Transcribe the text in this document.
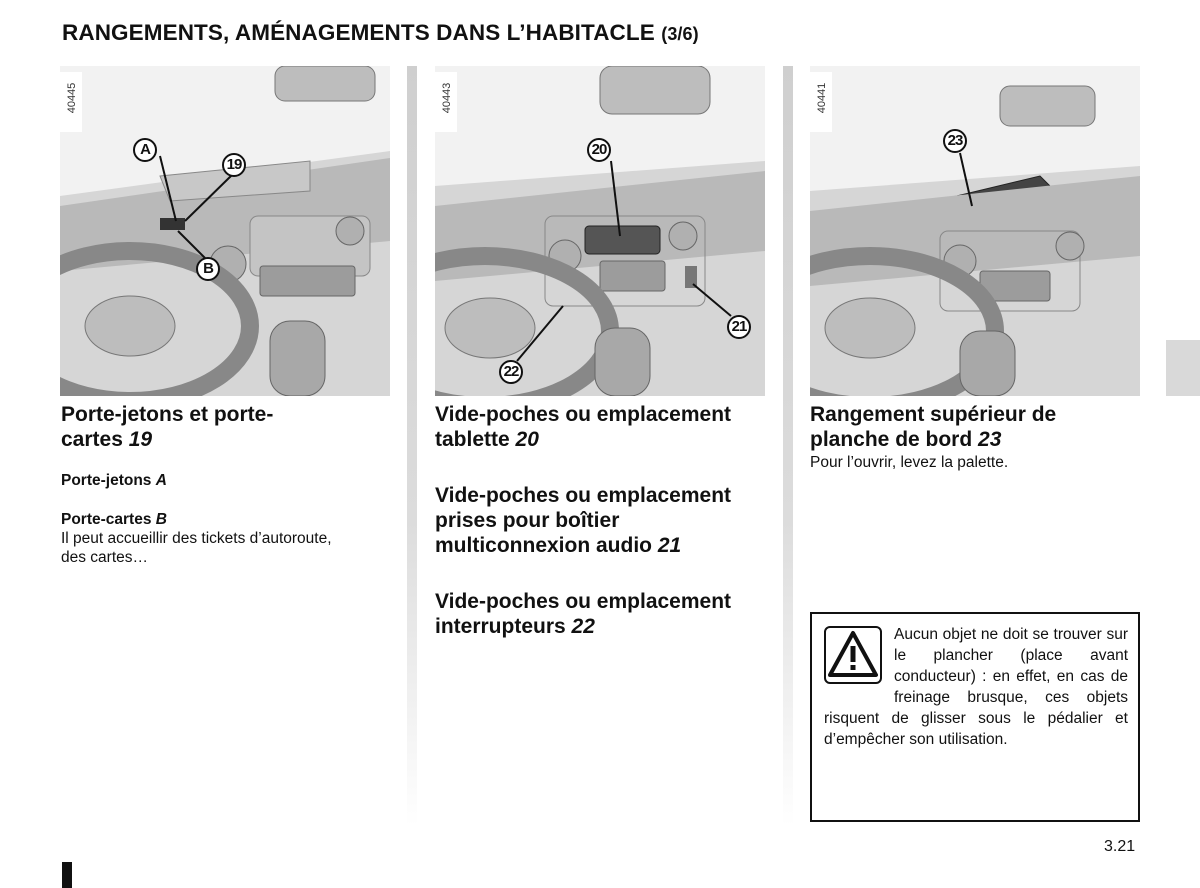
RANGEMENTS, AMÉNAGEMENTS DANS L’HABITACLE (3/6)
40445
A
19
B
40443
20
21
22
40441
23
Porte-jetons et porte-
cartes 19
Porte-jetons A
Porte-cartes B
Il peut accueillir des tickets d’autoroute,
des cartes…
Vide-poches ou emplacement
tablette 20
Vide-poches ou emplacement
prises pour boîtier
multiconnexion audio 21
Vide-poches ou emplacement
interrupteurs 22
Rangement supérieur de
planche de bord 23
Pour l’ouvrir, levez la palette.
Aucun objet ne doit se trouver sur le plancher (place avant conducteur) : en effet, en cas de freinage brusque, ces objets risquent de glisser sous le pédalier et d’empêcher son utilisation.
3.21
